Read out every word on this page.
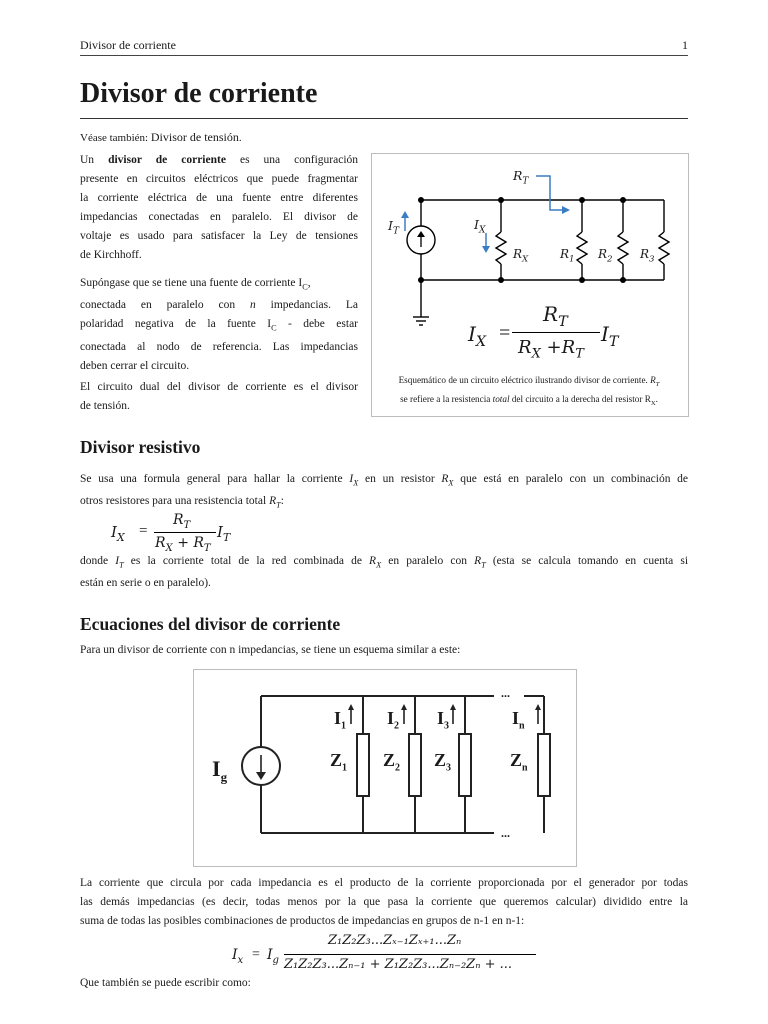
Divisor de corriente	1
Divisor de corriente
Véase también: Divisor de tensión.
Un divisor de corriente es una configuración
presente en circuitos eléctricos que puede fragmentar
la corriente eléctrica de una fuente entre diferentes
impedancias conectadas en paralelo. El divisor de
voltaje es usado para satisfacer la Ley de tensiones
de Kirchhoff.
Supóngase que se tiene una fuente de corriente $I_C$,
conectada en paralelo con n impedancias. La
polaridad negativa de la fuente $I_C$ - debe estar
conectada al nodo de referencia. Las impedancias
deben cerrar el circuito.
El circuito dual del divisor de corriente es el divisor
de tensión.
$R_T$
$I_T$	$I_X$
$R_X$	$R_1$ $R_2$ $R_3$
$I_X$ =
$R_T$
$R_X +R_T$
$I_T$
Esquemático de un circuito eléctrico ilustrando divisor de corriente. $R_T$
se refiere a la resistencia total del circuito a la derecha del resistor $R_X$.
Divisor resistivo
Se usa una formula general para hallar la corriente $I_X$ en un resistor $R_X$ que está en paralelo con un combinación de
otros resistores para una resistencia total $R_T$:
$I_X$ =
$R_T$
$R_X + R_T$
$I_T$
donde $I_T$ es la corriente total de la red combinada de $R_X$ en paralelo con $R_T$ (esta se calcula tomando en cuenta si
están en serie o en paralelo).
Ecuaciones del divisor de corriente
Para un divisor de corriente con n impedancias, se tiene un esquema similar a este:
...
...
$I_g$
$I_1$ $I_2$ $I_3$	$I_n$
$Z_1$ $Z_2$ $Z_3$	$Z_n$
La corriente que circula por cada impedancia es el producto de la corriente proporcionada por el generador por todas
las demás impedancias (es decir, todas menos por la que pasa la corriente que queremos calcular) dividido entre la
suma de todas las posibles combinaciones de productos de impedancias en grupos de n-1 en n-1:
$I_x = I_g$
Z₁Z₂Z₃...Zₓ₋₁Zₓ₊₁...Zₙ
Z₁Z₂Z₃...Zₙ₋₁ + Z₁Z₂Z₃...Zₙ₋₂Zₙ + ...
Que también se puede escribir como:
